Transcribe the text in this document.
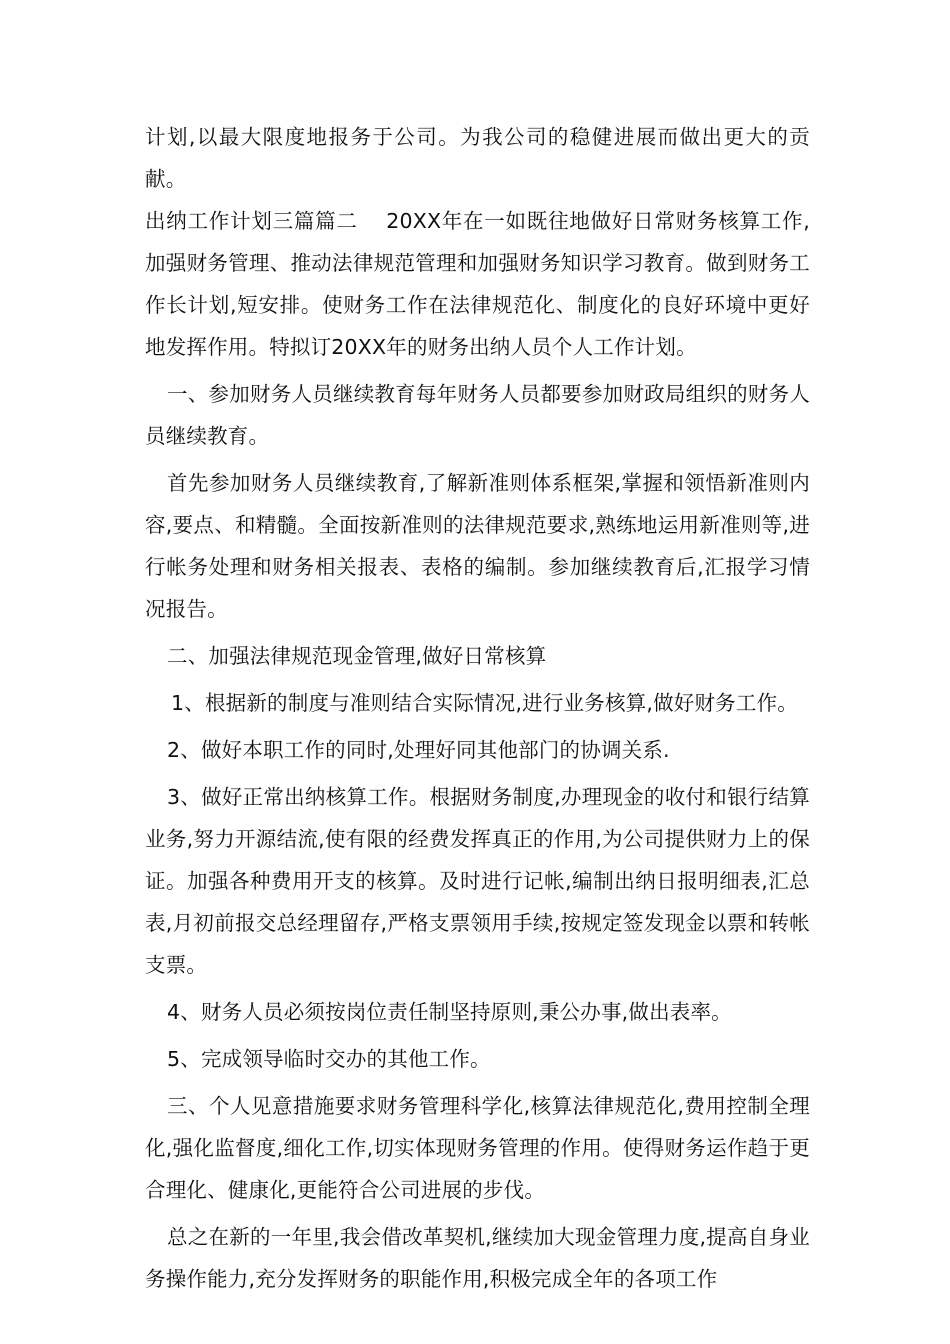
计划,以最大限度地报务于公司。为我公司的稳健进展而做出更大的贡献。

出纳工作计划三篇篇二　 20XX年在一如既往地做好日常财务核算工作,加强财务管理、推动法律规范管理和加强财务知识学习教育。做到财务工作长计划,短安排。使财务工作在法律规范化、制度化的良好环境中更好地发挥作用。特拟订20XX年的财务出纳人员个人工作计划。

一、参加财务人员继续教育每年财务人员都要参加财政局组织的财务人员继续教育。

首先参加财务人员继续教育,了解新准则体系框架,掌握和领悟新准则内容,要点、和精髓。全面按新准则的法律规范要求,熟练地运用新准则等,进行帐务处理和财务相关报表、表格的编制。参加继续教育后,汇报学习情况报告。

二、加强法律规范现金管理,做好日常核算

1、根据新的制度与准则结合实际情况,进行业务核算,做好财务工作。

2、做好本职工作的同时,处理好同其他部门的协调关系.

3、做好正常出纳核算工作。根据财务制度,办理现金的收付和银行结算业务,努力开源结流,使有限的经费发挥真正的作用,为公司提供财力上的保证。加强各种费用开支的核算。及时进行记帐,编制出纳日报明细表,汇总表,月初前报交总经理留存,严格支票领用手续,按规定签发现金以票和转帐支票。

4、财务人员必须按岗位责任制坚持原则,秉公办事,做出表率。

5、完成领导临时交办的其他工作。

三、个人见意措施要求财务管理科学化,核算法律规范化,费用控制全理化,强化监督度,细化工作,切实体现财务管理的作用。使得财务运作趋于更合理化、健康化,更能符合公司进展的步伐。

总之在新的一年里,我会借改革契机,继续加大现金管理力度,提高自身业务操作能力,充分发挥财务的职能作用,积极完成全年的各项工作
